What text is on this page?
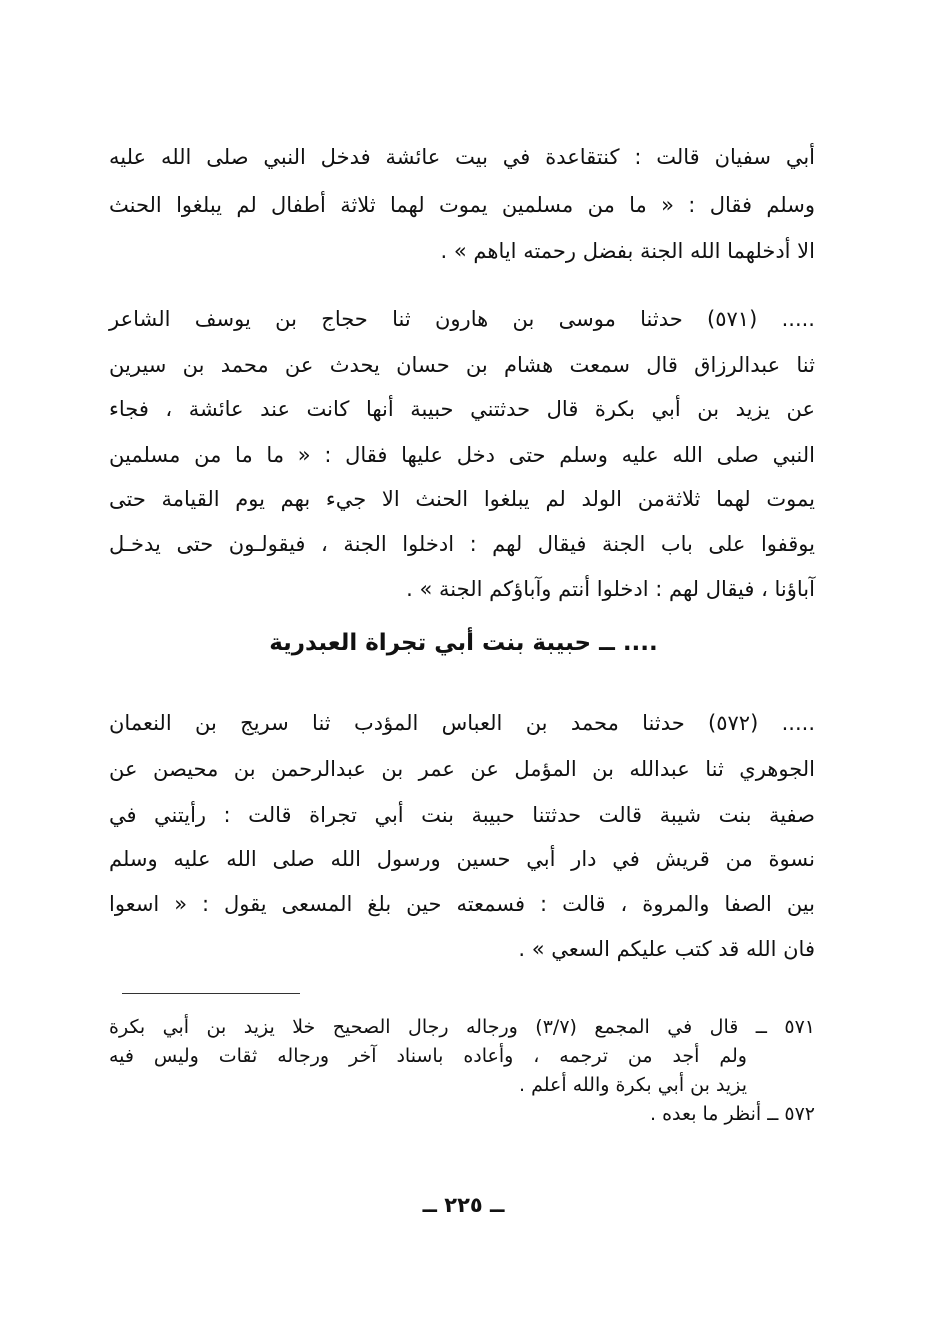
أبي سفيان قالت : كنتقاعدة في بيت عائشة فدخل النبي صلى الله عليه
وسلم فقال : « ما من مسلمين يموت لهما ثلاثة أطفال لم يبلغوا الحنث
الا أدخلهما الله الجنة بفضل رحمته اياهم » .
..... (٥٧١) حدثنا موسى بن هارون ثنا حجاج بن يوسف الشاعر
ثنا عبدالرزاق قال سمعت هشام بن حسان يحدث عن محمد بن سيرين
عن يزيد بن أبي بكرة قال حدثتني حبيبة أنها كانت عند عائشة ، فجاء
النبي صلى الله عليه وسلم حتى دخل عليها فقال : « ما ما من مسلمين
يموت لهما ثلاثةمن الولد لم يبلغوا الحنث الا جيء بهم يوم القيامة حتى
يوقفوا على باب الجنة فيقال لهم : ادخلوا الجنة ، فيقولـون حتى يدخـل
آباؤنا ، فيقال لهم : ادخلوا أنتم وآباؤكم الجنة » .
.... ــ حبيبة بنت أبي تجراة العبدرية
..... (٥٧٢) حدثنا محمد بن العباس المؤدب ثنا سريج بن النعمان
الجوهري ثنا عبدالله بن المؤمل عن عمر بن عبدالرحمن بن محيصن عن
صفية بنت شيبة قالت حدثتنا حبيبة بنت أبي تجراة قالت : رأيتني في
نسوة من قريش في دار أبي حسين ورسول الله صلى الله عليه وسلم
بين الصفا والمروة ، قالت : فسمعته حين بلغ المسعى يقول : « اسعوا
فان الله قد كتب عليكم السعي » .
٥٧١ ــ قال في المجمع (٣/٧) ورجاله رجال الصحيح خلا يزيد بن أبي بكرة
ولم أجد من ترجمه ، وأعاده باسناد آخر ورجاله ثقات وليس فيه
يزيد بن أبي بكرة والله أعلم .
٥٧٢ ــ أنظر ما بعده .
ــ ٢٢٥ ــ
